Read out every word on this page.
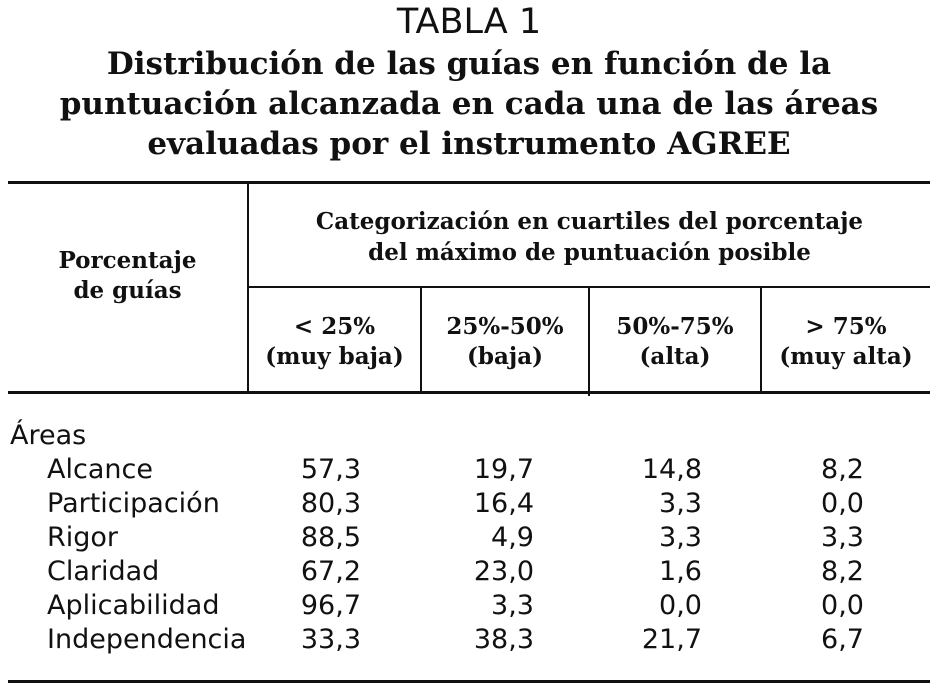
TABLA 1
Distribución de las guías en función de la
puntuación alcanzada en cada una de las áreas
evaluadas por el instrumento AGREE
Porcentaje
de guías
Categorización en cuartiles del porcentaje
del máximo de puntuación posible
< 25%
(muy baja)
25%-50%
(baja)
50%-75%
(alta)
> 75%
(muy alta)
Áreas
Alcance	57,3	19,7	14,8	8,2
Participación	80,3	16,4	3,3	0,0
Rigor	88,5	4,9	3,3	3,3
Claridad	67,2	23,0	1,6	8,2
Aplicabilidad	96,7	3,3	0,0	0,0
Independencia	33,3	38,3	21,7	6,7
